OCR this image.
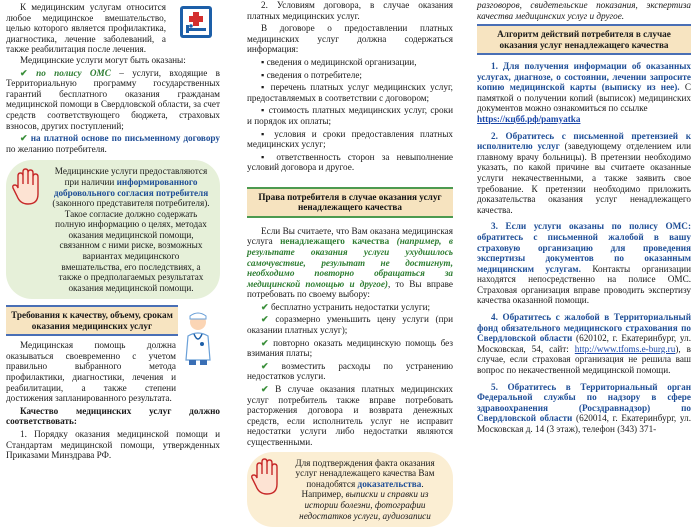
К медицинским услугам относится любое медицинское вмешательство, целью которого является профилактика, диагностика, лечение заболеваний, а также реабилитация после лечения.

Медицинские услуги могут быть оказаны:

✔ по полису ОМС – услуги, входящие в Территориальную программу государственных гарантий бесплатного оказания гражданам медицинской помощи в Свердловской области, за счет средств соответствующего бюджета, страховых взносов, других поступлений;

✔ на платной основе по письменному договору по желанию потребителя.

Медицинские услуги предоставляются при наличии информированного добровольного согласия потребителя (законного представителя потребителя). Такое согласие должно содержать полную информацию о целях, методах оказания медицинской помощи, связанном с ними риске, возможных вариантах медицинского вмешательства, его последствиях, а также о предполагаемых результатах оказания медицинской помощи.
Требования к качеству, объему, срокам оказания медицинских услуг

Медицинская помощь должна оказываться своевременно с учетом правильно выбранного метода профилактики, диагностики, лечения и реабилитации, а также степени достижения запланированного результата.

Качество медицинских услуг должно соответствовать:

1. Порядку оказания медицинской помощи и Стандартам медицинской помощи, утвержденных Приказами Минздрава РФ.

2. Условиям договора, в случае оказания платных медицинских услуг.

В договоре о предоставлении платных медицинских услуг должна содержаться информация:

▪ сведения о медицинской организации,

▪ сведения о потребителе;

▪ перечень платных услуг медицинских услуг, предоставляемых в соответствии с договором;

▪ стоимость платных медицинских услуг, сроки и порядок их оплаты;

▪ условия и сроки предоставления платных медицинских услуг;

▪ ответственность сторон за невыполнение условий договора и другое.

Права потребителя в случае оказания услуг ненадлежащего качества

Если Вы считаете, что Вам оказана медицинская услуга ненадлежащего качества (например, в результате оказания услуги ухудшилось самочувствие, результат не достигнут, необходимо повторно обращаться за медицинской помощью и другое), то Вы вправе потребовать по своему выбору:

✔ бесплатно устранить недостатки услуги;

✔ соразмерно уменьшить цену услуги (при оказании платных услуг);

✔ повторно оказать медицинскую помощь без взимания платы;

✔ возместить расходы по устранению недостатков услуги.

✔ В случае оказания платных медицинских услуг потребитель также вправе потребовать расторжения договора и возврата денежных средств, если исполнитель услуг не исправит недостатки услуги либо недостатки являются существенными.

Для подтверждения факта оказания услуг ненадлежащего качества Вам понадобятся доказательства. Например, выписки и справки из истории болезни, фотографии недостатков услуги, аудиозаписи

разговоров, свидетельские показания, экспертиза качества медицинских услуг и другое.

Алгоритм действий потребителя в случае оказания услуг ненадлежащего качества

1. Для получения информации об оказанных услугах, диагнозе, о состоянии, лечении запросите копию медицинской карты (выписку из нее). С памяткой о получении копий (выписок) медицинских документов можно ознакомиться по ссылке
https://кцбб.рф/pamyatka

2. Обратитесь с письменной претензией к исполнителю услуг (заведующему отделением или главному врачу больницы). В претензии необходимо указать, по какой причине вы считаете оказанные услуги некачественными, а также заявить свое требование. К претензии необходимо приложить доказательства оказания услуг ненадлежащего качества.

3. Если услуги оказаны по полису ОМС: обратитесь с письменной жалобой в вашу страховую организацию для проведения экспертизы документов по оказанным медицинским услугам. Контакты организации находятся непосредственно на полисе ОМС. Страховая организация вправе проводить экспертизу качества оказанной помощи.

4. Обратитесь с жалобой в Территориальный фонд обязательного медицинского страхования по Свердловской области (620102, г. Екатеринбург, ул. Московская, 54, сайт: http://www.tfoms.e-burg.ru), в случае, если страховая организация не решила ваш вопрос по некачественной медицинской помощи.

5. Обратитесь в Территориальный орган Федеральной службы по надзору в сфере здравоохранения (Росздравнадзор) по Свердловской области (620014, г. Екатеринбург, ул. Московская д. 14 (3 этаж), телефон (343) 371-
